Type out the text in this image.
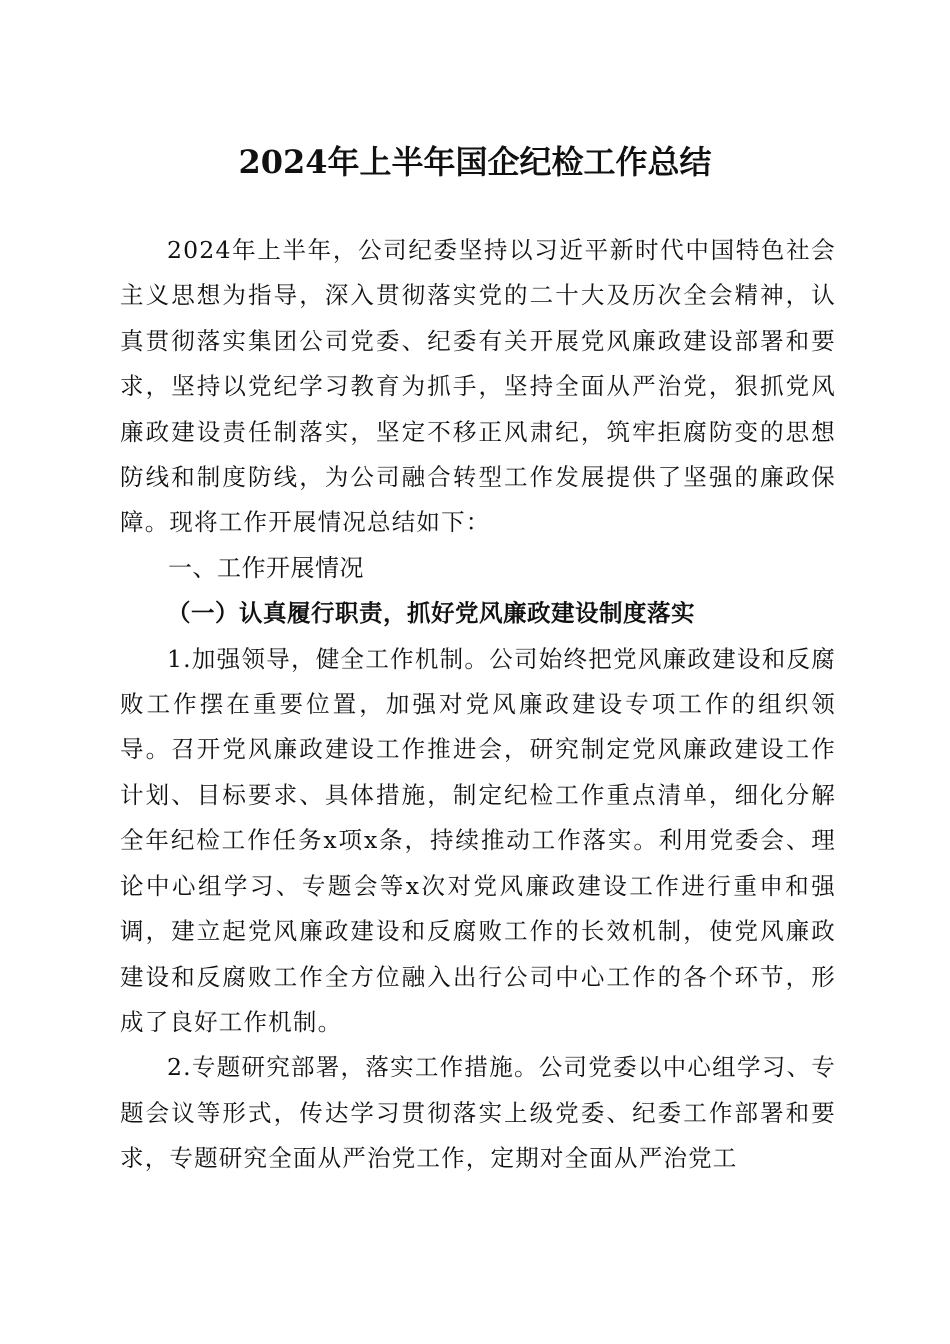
2024年上半年国企纪检工作总结

2024年上半年，公司纪委坚持以习近平新时代中国特色社会主义思想为指导，深入贯彻落实党的二十大及历次全会精神，认真贯彻落实集团公司党委、纪委有关开展党风廉政建设部署和要求，坚持以党纪学习教育为抓手，坚持全面从严治党，狠抓党风廉政建设责任制落实，坚定不移正风肃纪，筑牢拒腐防变的思想防线和制度防线，为公司融合转型工作发展提供了坚强的廉政保障。现将工作开展情况总结如下：

一、工作开展情况

（一）认真履行职责，抓好党风廉政建设制度落实

1.加强领导，健全工作机制。公司始终把党风廉政建设和反腐败工作摆在重要位置，加强对党风廉政建设专项工作的组织领导。召开党风廉政建设工作推进会，研究制定党风廉政建设工作计划、目标要求、具体措施，制定纪检工作重点清单，细化分解全年纪检工作任务x项x条，持续推动工作落实。利用党委会、理论中心组学习、专题会等x次对党风廉政建设工作进行重申和强调，建立起党风廉政建设和反腐败工作的长效机制，使党风廉政建设和反腐败工作全方位融入出行公司中心工作的各个环节，形成了良好工作机制。

2.专题研究部署，落实工作措施。公司党委以中心组学习、专题会议等形式，传达学习贯彻落实上级党委、纪委工作部署和要求，专题研究全面从严治党工作，定期对全面从严治党工
